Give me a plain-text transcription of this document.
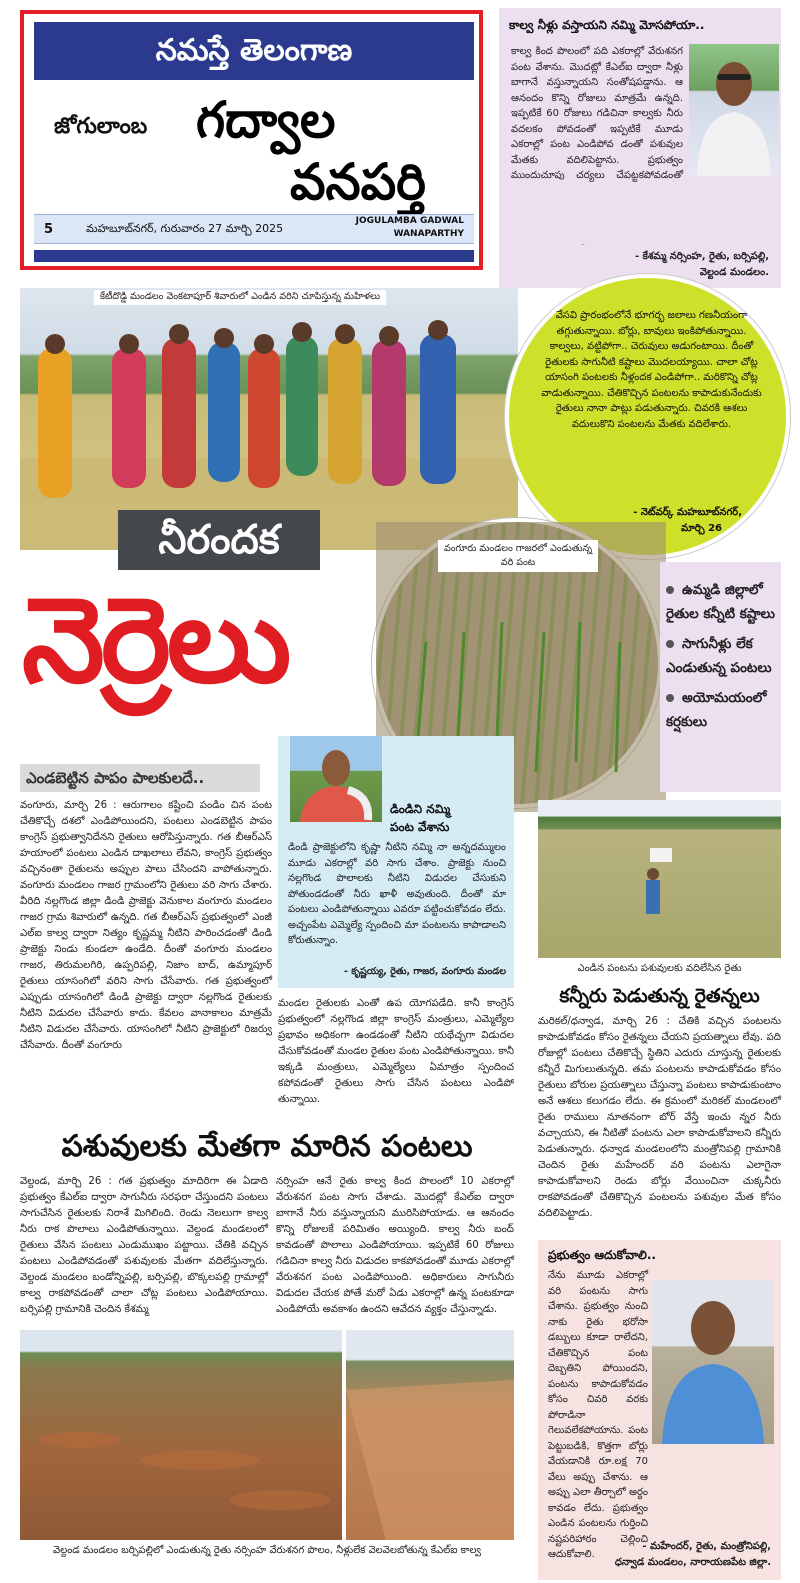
నమస్తే తెలంగాణ
జోగులాంబ గద్వాల
వనపర్తి
5	మహబూబ్‌నగర్, గురువారం 27 మార్చి 2025
JOGULAMBA GADWAL
WANAPARTHY
కాల్వ నీళ్లు వస్తాయని నమ్మి మోసపోయా..
కాల్వ కింద పొలంలో పది ఎకరాల్లో వేరుశనగ పంట వేశాను. మొదట్లో కేఎల్‌ఐ ద్వారా నీళ్లు బాగానే వస్తున్నాయని సంతోషపడ్డాను. ఆ ఆనందం కొన్ని రోజులు మాత్రమే ఉన్నది. ఇప్పటికే 60 రోజులు గడిచినా కాల్వకు నీరు వదలకం పోవడంతో ఇప్పటికే మూడు ఎకరాల్లో పంట ఎండిపోవ డంతో పశువుల మేతకు వదిలిపెట్టాను. ప్రభుత్వం ముందుచూపు చర్యలు చేపట్టకపోవడంతో
- కేశమ్మ నర్సింహ, రైతు, బర్సిపల్లి,
వెల్టండ మండలం.
కేటీదొడ్డి మండలం వెంకటాపూర్ శివారులో ఎండిన వరిని చూపిస్తున్న మహిళలు
వేసవి ప్రారంభంలోనే భూగర్భ జలాలు గణనీయంగా తగ్గుతున్నాయి. బోర్లు, బావులు ఇంకిపోతున్నాయి. కాల్వలు, వట్టిపోగా.. చెరువులు అడుగంటాయి. దీంతో రైతులకు సాగునీటి కష్టాలు మొదలయ్యాయి. చాలా చోట్ల యాసంగి పంటలకు నీళ్లందక ఎండిపోగా.. మరికొన్ని చోట్ల వాడుతున్నాయి. చేతికొచ్చిన పంటలను కాపాడుకునేందుకు రైతులు నానా పాట్లు పడుతున్నారు. చివరకి ఆశలు వదులుకొని పంటలను మేతకు వదిలేశారు.
- నెట్‌వర్క్ మహబూబ్‌నగర్,
మార్చి 26
నీరందక
నెర్రెలు
వంగూరు మండలం గాజరలో ఎండుతున్న వరి పంట
ఉమ్మడి జిల్లాలో రైతుల కన్నీటి కష్టాలు
సాగునీళ్లు లేక ఎండుతున్న పంటలు
అయోమయంలో కర్షకులు
ఎండబెట్టిన పాపం పాలకులదే..
వంగూరు, మార్చి 26 : ఆరుగాలం కష్టించి పండిం చిన పంట చేతికొచ్చే దశలో ఎండిపోయిందని, పంటలు ఎండబెట్టిన పాపం కాంగ్రెస్ ప్రభుత్వానిదేనని రైతులు ఆరోపిస్తున్నారు. గత బీఆర్‌ఎస్ హయాంలో పంటలు ఎండిన దాఖలాలు లేవని, కాంగ్రెస్ ప్రభుత్వం వచ్చినంతా రైతులను అప్పుల పాలు చేసిందని వాపోతున్నారు. వంగూరు మండలం గాజర గ్రామంలోని రైతులు వరి సాగు చేశారు. వీరిది నల్లగొండ జిల్లా డిండి ప్రాజెక్టు వెనుకాల వంగూరు మండలం గాజర గ్రామ శివారులో ఉన్నది. గత బీఆర్‌ఎస్ ప్రభుత్వంలో ఎంజీ ఎల్‌ఐ కాల్వ ద్వారా నిత్యం కృష్ణమ్మ నీటిని పారించడంతో డిండి ప్రాజెక్టు నిండు కుండలా ఉండేది. దీంతో వంగూరు మండలం గాజర, తిరుమలగిరి, ఉప్పరిపల్లి, నిజాం బాద్, ఉమ్మాపూర్ రైతులు యాసంగిలో వరిని సాగు చేసేవారు. గత ప్రభుత్వంలో ఎప్పుడు యాసంగిలో డిండి ప్రాజెక్టు ద్వారా నల్లగొండ రైతులకు నీటిని విడుదల చేసేవారు కాదు. కేవలం వానాకాలం మాత్రమే నీటిని విడుదల చేసేవారు. యాసంగిలో నీటిని ప్రాజెక్టులో రిజర్వు చేసేవారు. దీంతో వంగూరు
డిండిని నమ్మి
పంట వేశాను
డిండి ప్రాజెక్టులోని కృష్ణా నీటిని నమ్మి నా అన్నదమ్ములం మూడు ఎకరాల్లో వరి సాగు చేశాం. ప్రాజెక్టు నుంచి నల్లగొండ పొలాలకు నీటిని విడుదల చేసుకుని పోతుండడంతో నీరు ఖాళీ అవుతుంది. దీంతో మా పంటలు ఎండిపోతున్నాయి ఎవరూ పట్టించుకోవడం లేదు. అచ్చంపేట ఎమ్మెల్యే స్పందించి మా పంటలను కాపాడాలని కోరుతున్నాం.
- కృష్ణయ్య, రైతు, గాజర, వంగూరు మండల
మండల రైతులకు ఎంతో ఉప యోగపడేది. కానీ కాంగ్రెస్ ప్రభుత్వంలో నల్లగొండ జిల్లా కాంగ్రెస్ మంత్రులు, ఎమ్మెల్యేల ప్రభావం అధికంగా ఉండడంతో నీటిని యథేచ్ఛగా విడుదల చేసుకోవడంతో మండల రైతుల పంట ఎండిపోతున్నాయి. కానీ ఇక్కడి మంత్రులు, ఎమ్మెల్యేలు ఏమాత్రం స్పందించ కపోవడంతో రైతులు సాగు చేసిన పంటలు ఎండిపో తున్నాయి.
ఎండిన పంటను పశువులకు వదిలేసిన రైతు
కన్నీరు పెడుతున్న రైతన్నలు
మరికల్/ధన్వాడ, మార్చి 26 : చేతికి వచ్చిన పంటలను కాపాడుకోవడం కోసం రైతన్నలు చేయని ప్రయత్నాలు లేవు. పది రోజుల్లో పంటలు చేతికొచ్చే స్థితిని ఎదురు చూస్తున్న రైతులకు కన్నీరే మిగులుతున్నది. తమ పంటలను కాపాడుకోవడం కోసం రైతులు బోరుల ప్రయత్నాలు చేస్తున్నా పంటలు కాపాడుకుంటాం అనే ఆశలు కలుగడం లేదు. ఈ క్రమంలో మరికల్ మండలంలో రైతు రాములు నూతనంగా బోర్ వేస్తే ఇంచు న్నర నీరు వచ్చాయని, ఈ నీటితో పంటను ఎలా కాపాడుకోవాలని కన్నీరు పెడుతున్నారు. ధన్వాడ మండలంలోని మంత్రోనిపల్లి గ్రామానికి చెందిన రైతు మహేందర్ వరి పంటను ఎలాగైనా కాపాడుకోవాలని రెండు బోర్లు వేయించినా చుక్కనీరు రాకపోవడంతో చేతికొచ్చిన పంటలను పశువుల మేత కోసం వదిలిపెట్టాడు.
పశువులకు మేతగా మారిన పంటలు
వెల్దండ, మార్చి 26 : గత ప్రభుత్వం మాదిరిగా ఈ ఏడాది ప్రభుత్వం కేఎల్‌ఐ ద్వారా సాగునీరు సరఫరా చేస్తుందని పంటలు సాగుచేసిన రైతులకు నిరాశే మిగిలింది. రెండు నెలలుగా కాల్వ నీరు రాక పొలాలు ఎండిపోతున్నాయి. వెల్దండ మండలంలో రైతులు వేసిన పంటలు ఎండుముఖం పట్టాయి. చేతికి వచ్చిన పంటలు ఎండిపోవడంతో పశువులకు మేతగా వదిలేస్తున్నారు. వెల్దండ మండలం బండోన్నిపల్లి, బర్సిపల్లి, బొక్కలపల్లి గ్రామాల్లో కాల్వ రాకపోవడంతో చాలా చోట్ల పంటలు ఎండిపోయాయి. బర్సిపల్లి గ్రామానికి చెందిన కేశమ్మ
నర్సింహ ఆనే రైతు కాల్వ కింద పొలంలో 10 ఎకరాల్లో వేరుశనగ పంట సాగు చేశాడు. మొదట్లో కేఎల్‌ఐ ద్వారా బాగానే నీరు వస్తున్నాయని మురిసిపోయాడు. ఆ ఆనందం కొన్ని రోజులకే పరిమితం అయ్యింది. కాల్వ నీరు బంద్ కావడంతో పొలాలు ఎండిపోయాయి. ఇప్పటికే 60 రోజులు గడిచినా కాల్వ నీరు విడుదల కాకపోవడంతో మూడు ఎకరాల్లో వేరుశనగ పంట ఎండిపోయింది. అధికారులు సాగునీరు విడుదల చేయక పోతే మరో ఏడు ఎకరాల్లో ఉన్న పంటకూడా ఎండిపోయే అవకాశం ఉందని ఆవేదన వ్యక్తం చేస్తున్నాడు.
వెల్దండ మండలం బర్సిపల్లిలో ఎండుతున్న రైతు నర్సింహ వేరుశనగ పొలం, నీళ్లులేక వెలవెలబోతున్న కేఎల్‌ఐ కాల్వ
ప్రభుత్వం ఆదుకోవాలి..
నేను మూడు ఎకరాల్లో వరి పంటను సాగు చేశాను. ప్రభుత్వం నుంచి నాకు రైతు భరోసా డబ్బులు కూడా రాలేదని, చేతికొచ్చిన పంట దెబ్బతిని పోయిందని, పంటను కాపాడుకోవడం కోసం చివరి వరకు పోరాడినా గెలువలేకపోయాను. పంట పెట్టుబడికి, కొత్తగా బోర్లు వేయడానికి రూ.లక్ష 70 వేలు అప్పు చేశాను. ఆ అప్పు ఎలా తీర్చాలో అర్థం కావడం లేదు. ప్రభుత్వం ఎండిన పంటలను గుర్తించి నష్టపరిహారం చెల్లించి ఆదుకోవాలి.
- మహేందర్, రైతు, మంత్రోనిపల్లి,
ధన్వాడ మండలం, నారాయణపేట జిల్లా.
